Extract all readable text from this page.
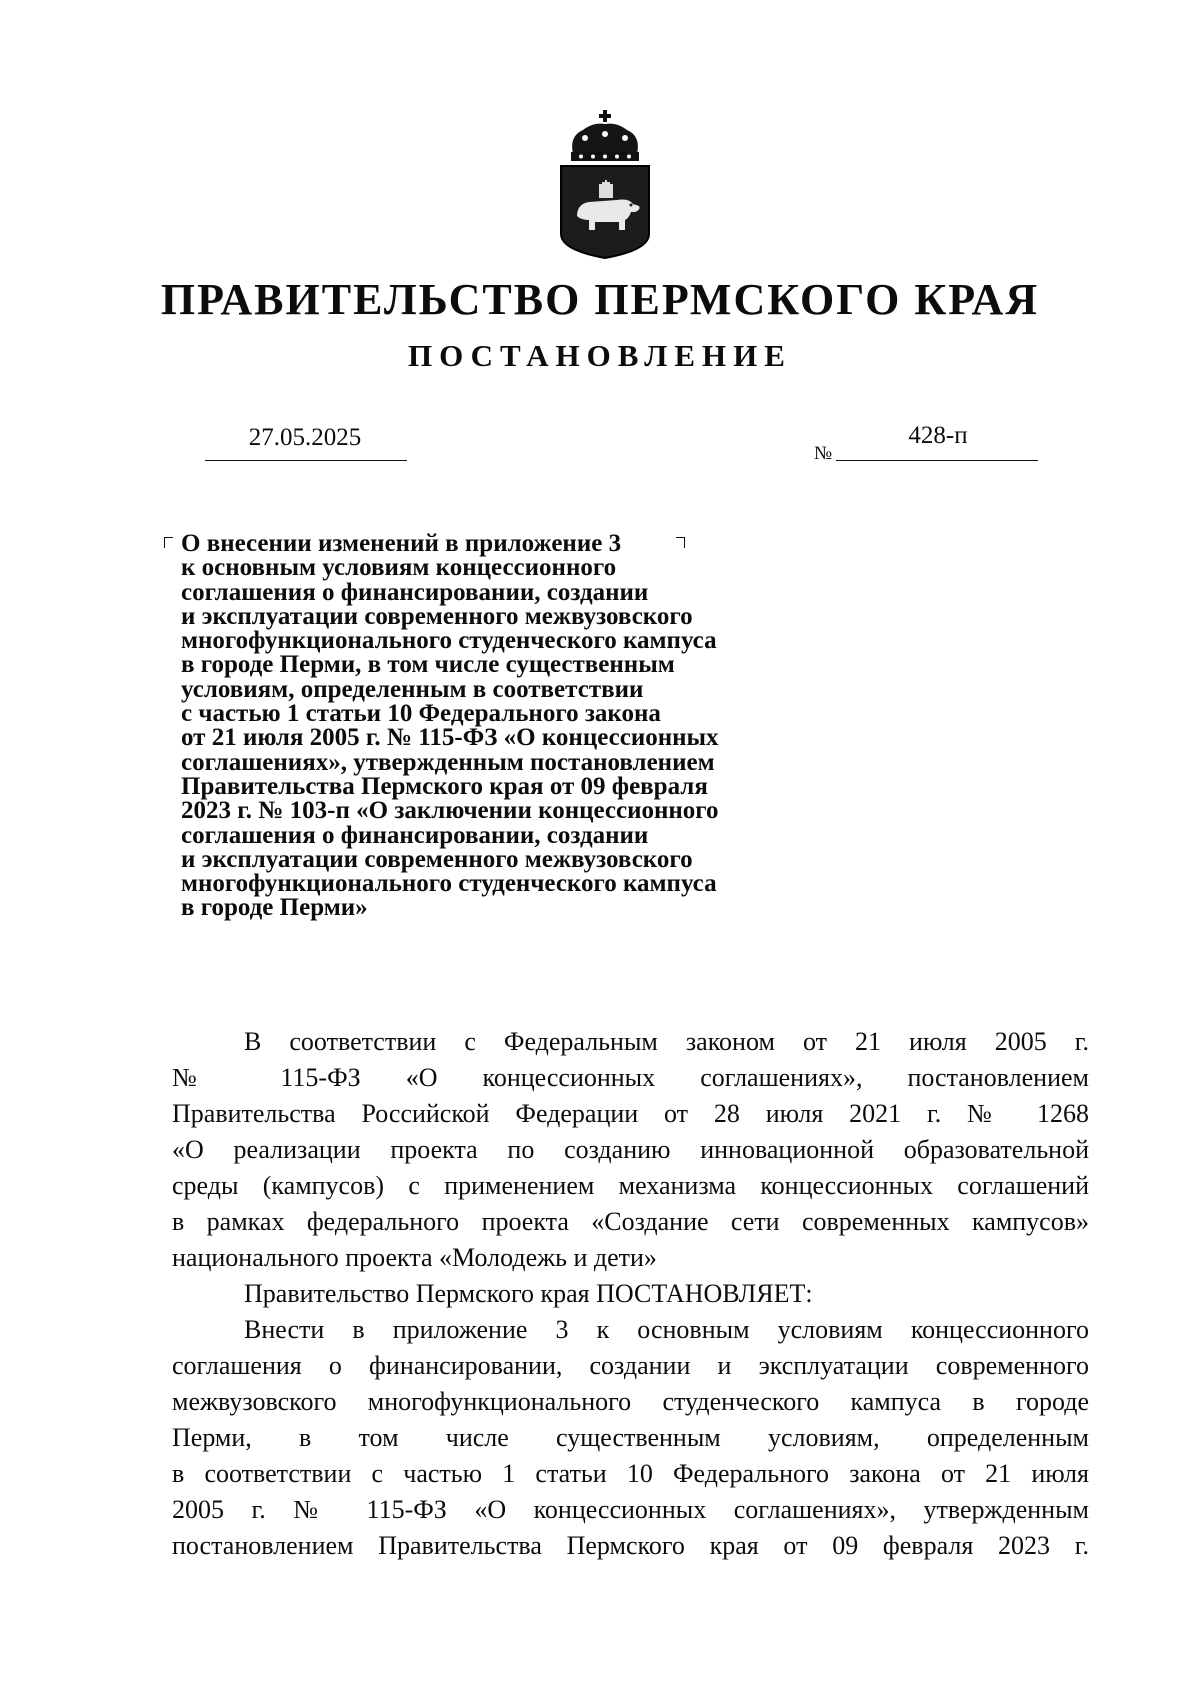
ПРАВИТЕЛЬСТВО ПЕРМСКОГО КРАЯ
ПОСТАНОВЛЕНИЕ
27.05.2025
№
428-п
О внесении изменений в приложение 3
к основным условиям концессионного
соглашения о финансировании, создании
и эксплуатации современного межвузовского
многофункционального студенческого кампуса
в городе Перми, в том числе существенным
условиям, определенным в соответствии
с частью 1 статьи 10 Федерального закона
от 21 июля 2005 г. № 115-ФЗ «О концессионных
соглашениях», утвержденным постановлением
Правительства Пермского края от 09 февраля
2023 г. № 103-п «О заключении концессионного
соглашения о финансировании, создании
и эксплуатации современного межвузовского
многофункционального студенческого кампуса
в городе Перми»
В соответствии с Федеральным законом от 21 июля 2005 г.
№ 115-ФЗ «О концессионных соглашениях», постановлением
Правительства Российской Федерации от 28 июля 2021 г. № 1268
«О реализации проекта по созданию инновационной образовательной
среды (кампусов) с применением механизма концессионных соглашений
в рамках федерального проекта «Создание сети современных кампусов»
национального проекта «Молодежь и дети»
Правительство Пермского края ПОСТАНОВЛЯЕТ:
Внести в приложение 3 к основным условиям концессионного
соглашения о финансировании, создании и эксплуатации современного
межвузовского многофункционального студенческого кампуса в городе
Перми, в том числе существенным условиям, определенным
в соответствии с частью 1 статьи 10 Федерального закона от 21 июля
2005 г. № 115-ФЗ «О концессионных соглашениях», утвержденным
постановлением Правительства Пермского края от 09 февраля 2023 г.
